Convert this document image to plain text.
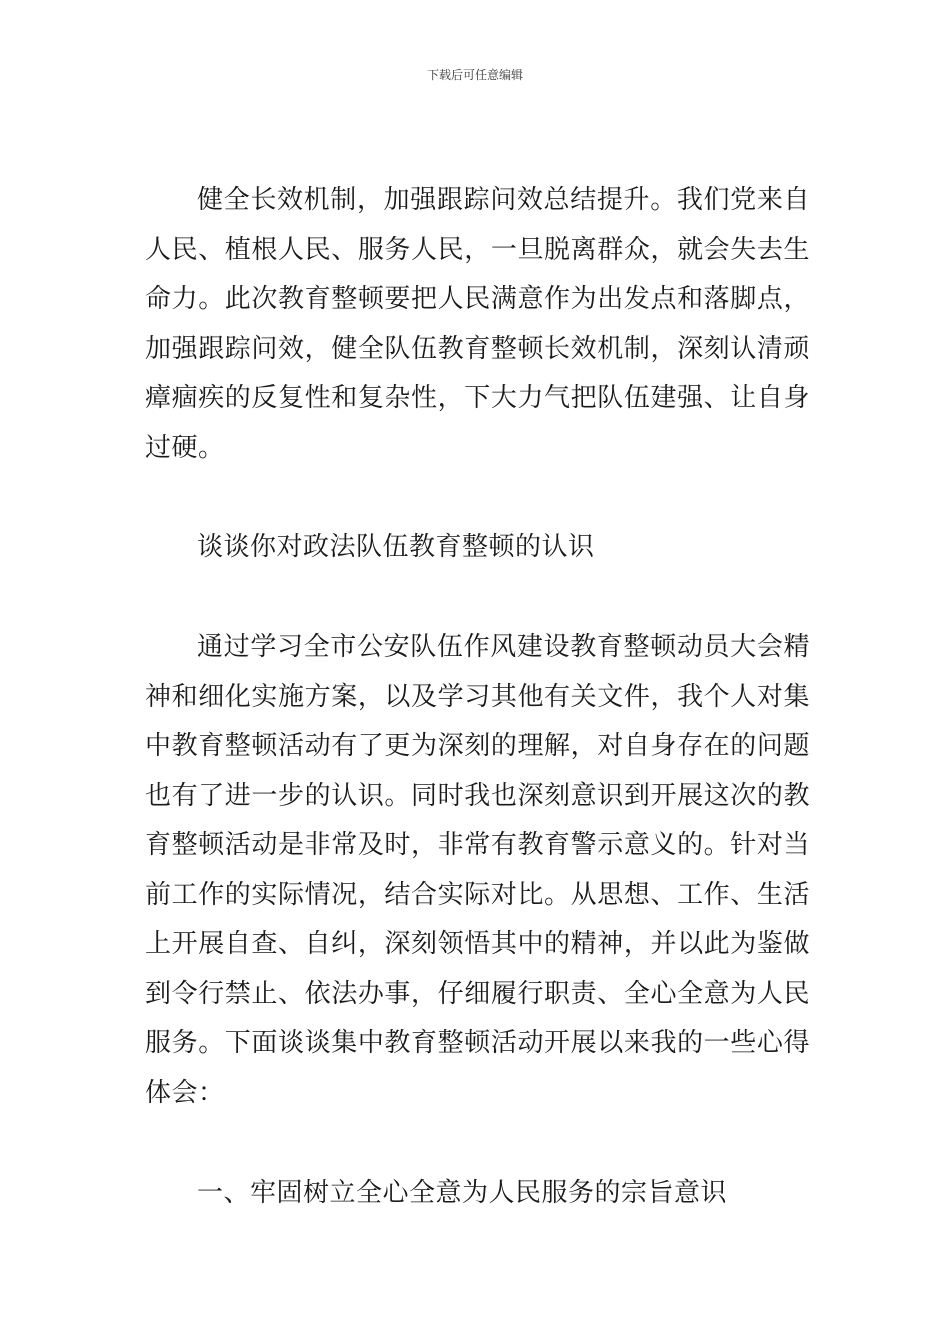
下载后可任意编辑

健全长效机制，加强跟踪问效总结提升。我们党来自人民、植根人民、服务人民，一旦脱离群众，就会失去生命力。此次教育整顿要把人民满意作为出发点和落脚点，加强跟踪问效，健全队伍教育整顿长效机制，深刻认清顽瘴痼疾的反复性和复杂性，下大力气把队伍建强、让自身过硬。

谈谈你对政法队伍教育整顿的认识

通过学习全市公安队伍作风建设教育整顿动员大会精神和细化实施方案，以及学习其他有关文件，我个人对集中教育整顿活动有了更为深刻的理解，对自身存在的问题也有了进一步的认识。同时我也深刻意识到开展这次的教育整顿活动是非常及时，非常有教育警示意义的。针对当前工作的实际情况，结合实际对比。从思想、工作、生活上开展自查、自纠，深刻领悟其中的精神，并以此为鉴做到令行禁止、依法办事，仔细履行职责、全心全意为人民服务。下面谈谈集中教育整顿活动开展以来我的一些心得体会：

一、牢固树立全心全意为人民服务的宗旨意识
